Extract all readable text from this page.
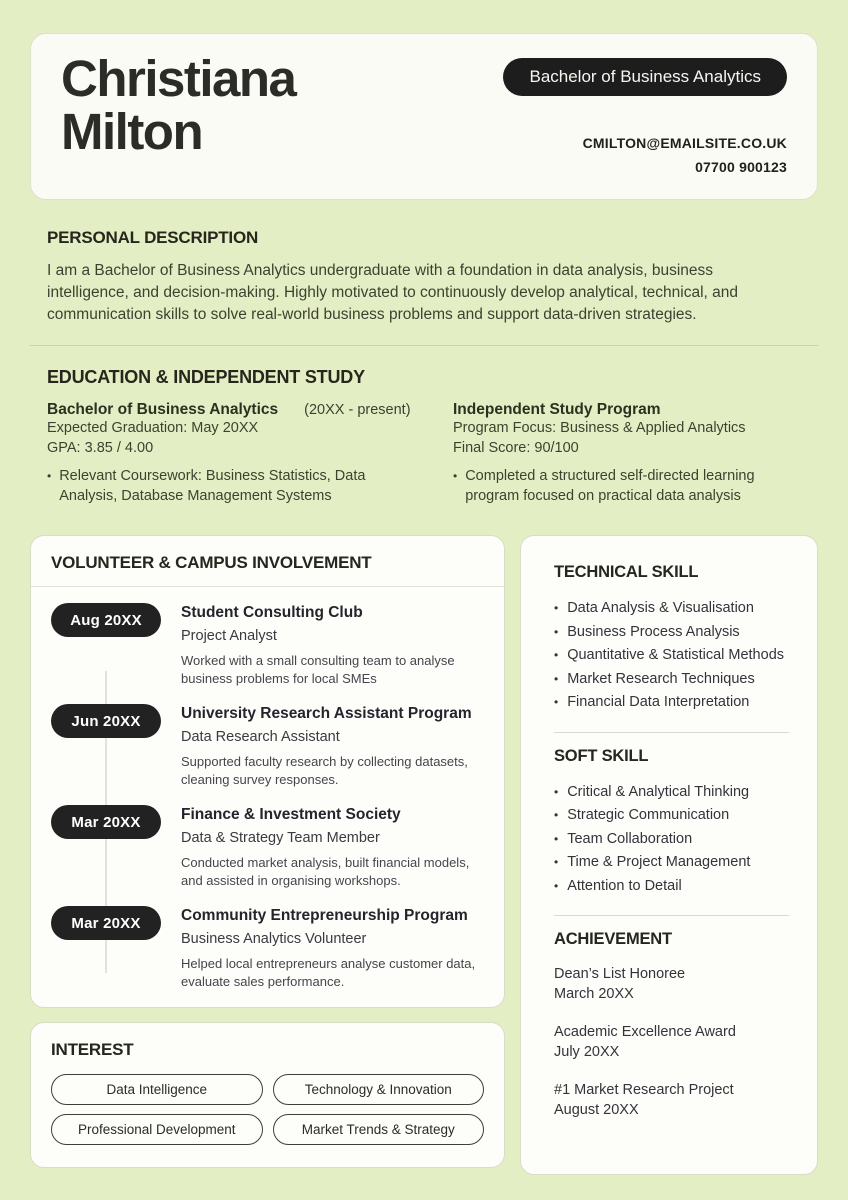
Christiana
Milton
Bachelor of Business Analytics
CMILTON@EMAILSITE.CO.UK
07700 900123
PERSONAL DESCRIPTION

I am a Bachelor of Business Analytics undergraduate with a foundation in data analysis, business intelligence, and decision-making. Highly motivated to continuously develop analytical, technical, and communication skills to solve real-world business problems and support data-driven strategies.

EDUCATION & INDEPENDENT STUDY
Bachelor of Business Analytics (20XX - present)
Expected Graduation: May 20XX
GPA: 3.85 / 4.00
• Relevant Coursework: Business Statistics, Data Analysis, Database Management Systems
Independent Study Program
Program Focus: Business & Applied Analytics
Final Score: 90/100
• Completed a structured self-directed learning program focused on practical data analysis
VOLUNTEER & CAMPUS INVOLVEMENT
Aug 20XX	Student Consulting Club
Project Analyst
Worked with a small consulting team to analyse business problems for local SMEs
Jun 20XX	University Research Assistant Program
Data Research Assistant
Supported faculty research by collecting datasets, cleaning survey responses.
Mar 20XX	Finance & Investment Society
Data & Strategy Team Member
Conducted market analysis, built financial models, and assisted in organising workshops.
Mar 20XX	Community Entrepreneurship Program
Business Analytics Volunteer
Helped local entrepreneurs analyse customer data, evaluate sales performance.
TECHNICAL SKILL
• Data Analysis & Visualisation
• Business Process Analysis
• Quantitative & Statistical Methods
• Market Research Techniques
• Financial Data Interpretation
SOFT SKILL
• Critical & Analytical Thinking
• Strategic Communication
• Team Collaboration
• Time & Project Management
• Attention to Detail
ACHIEVEMENT
Dean’s List Honoree
March 20XX
Academic Excellence Award
July 20XX
#1 Market Research Project
August 20XX
INTEREST
Data Intelligence	Technology & Innovation
Professional Development	Market Trends & Strategy
